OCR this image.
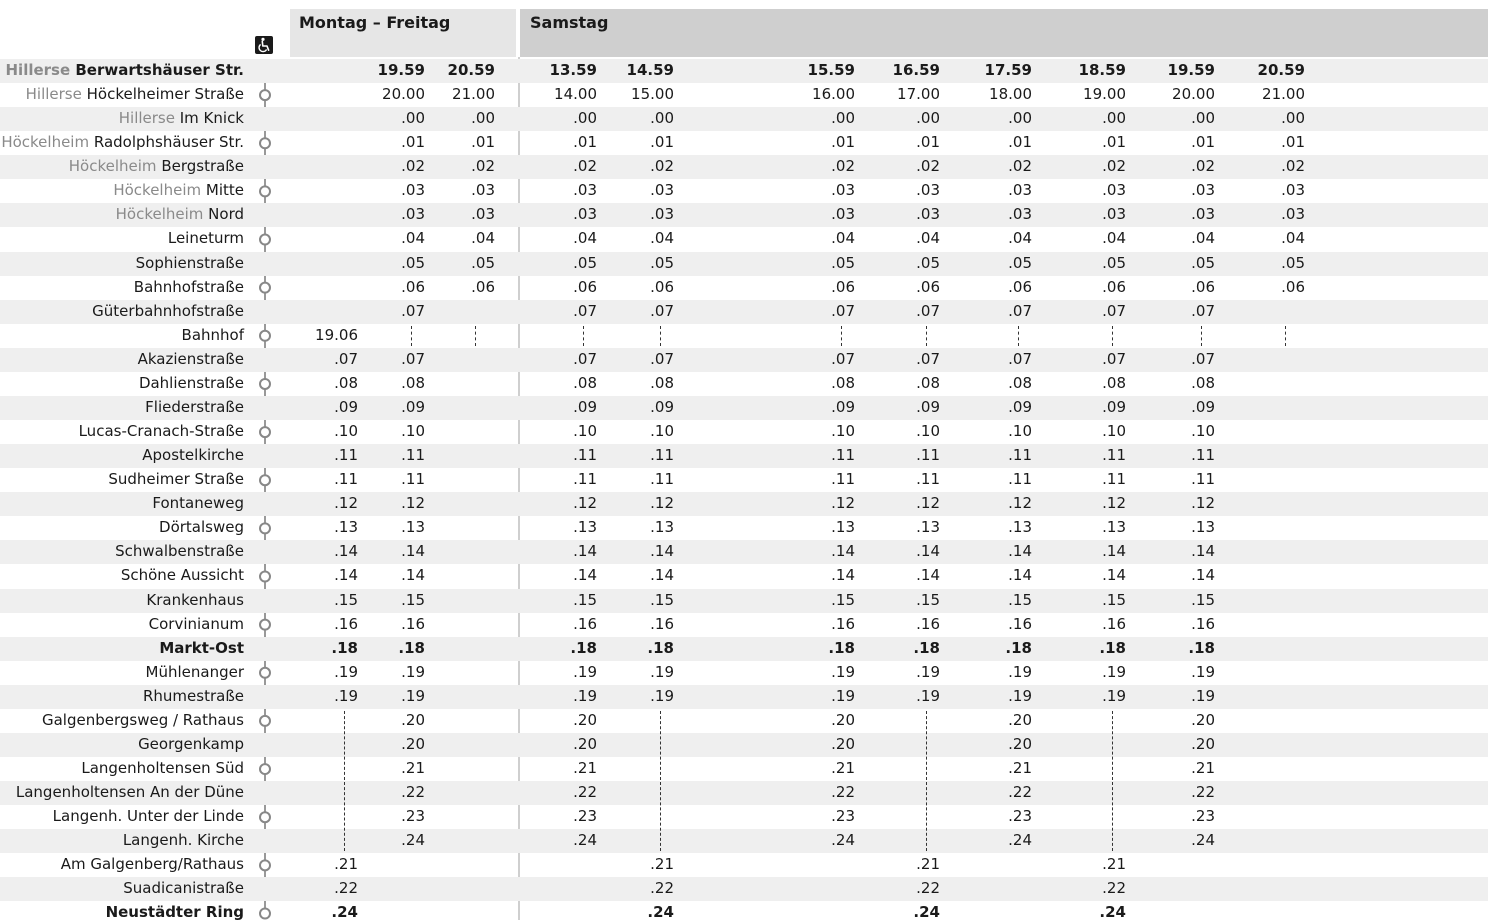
Montag – Freitag	Samstag
Hillerse Berwartshäuser Str.
Hillerse Höckelheimer Straße
Hillerse Im Knick
Höckelheim Radolphshäuser Str.
Höckelheim Bergstraße
Höckelheim Mitte
Höckelheim Nord
Leineturm
Sophienstraße
Bahnhofstraße
Güterbahnhofstraße
Bahnhof
Akazienstraße
Dahlienstraße
Fliederstraße
Lucas-Cranach-Straße
Apostelkirche
Sudheimer Straße
Fontaneweg
Dörtalsweg
Schwalbenstraße
Schöne Aussicht
Krankenhaus
Corvinianum
Markt-Ost
Mühlenanger
Rhumestraße
Galgenbergsweg / Rathaus
Georgenkamp
Langenholtensen Süd
Langenholtensen An der Düne
Langenh. Unter der Linde
Langenh. Kirche
Am Galgenberg/Rathaus
Suadicanistraße
Neustädter Ring
19.06
.07
.08
.09
.10
.11
.11
.12
.13
.14
.14
.15
.16
.18
.19
.19
.21
.22
.24
19.59
20.00
.00
.01
.02
.03
.03
.04
.05
.06
.07
.07
.08
.09
.10
.11
.11
.12
.13
.14
.14
.15
.16
.18
.19
.19
.20
.20
.21
.22
.23
.24
20.59
21.00
.00
.01
.02
.03
.03
.04
.05
.06
13.59
14.00
.00
.01
.02
.03
.03
.04
.05
.06
.07
.07
.08
.09
.10
.11
.11
.12
.13
.14
.14
.15
.16
.18
.19
.19
.20
.20
.21
.22
.23
.24
14.59
15.00
.00
.01
.02
.03
.03
.04
.05
.06
.07
.07
.08
.09
.10
.11
.11
.12
.13
.14
.14
.15
.16
.18
.19
.19
.21
.22
.24
15.59
16.00
.00
.01
.02
.03
.03
.04
.05
.06
.07
.07
.08
.09
.10
.11
.11
.12
.13
.14
.14
.15
.16
.18
.19
.19
.20
.20
.21
.22
.23
.24
16.59
17.00
.00
.01
.02
.03
.03
.04
.05
.06
.07
.07
.08
.09
.10
.11
.11
.12
.13
.14
.14
.15
.16
.18
.19
.19
.21
.22
.24
17.59
18.00
.00
.01
.02
.03
.03
.04
.05
.06
.07
.07
.08
.09
.10
.11
.11
.12
.13
.14
.14
.15
.16
.18
.19
.19
.20
.20
.21
.22
.23
.24
18.59
19.00
.00
.01
.02
.03
.03
.04
.05
.06
.07
.07
.08
.09
.10
.11
.11
.12
.13
.14
.14
.15
.16
.18
.19
.19
.21
.22
.24
19.59
20.00
.00
.01
.02
.03
.03
.04
.05
.06
.07
.07
.08
.09
.10
.11
.11
.12
.13
.14
.14
.15
.16
.18
.19
.19
.20
.20
.21
.22
.23
.24
20.59
21.00
.00
.01
.02
.03
.03
.04
.05
.06
